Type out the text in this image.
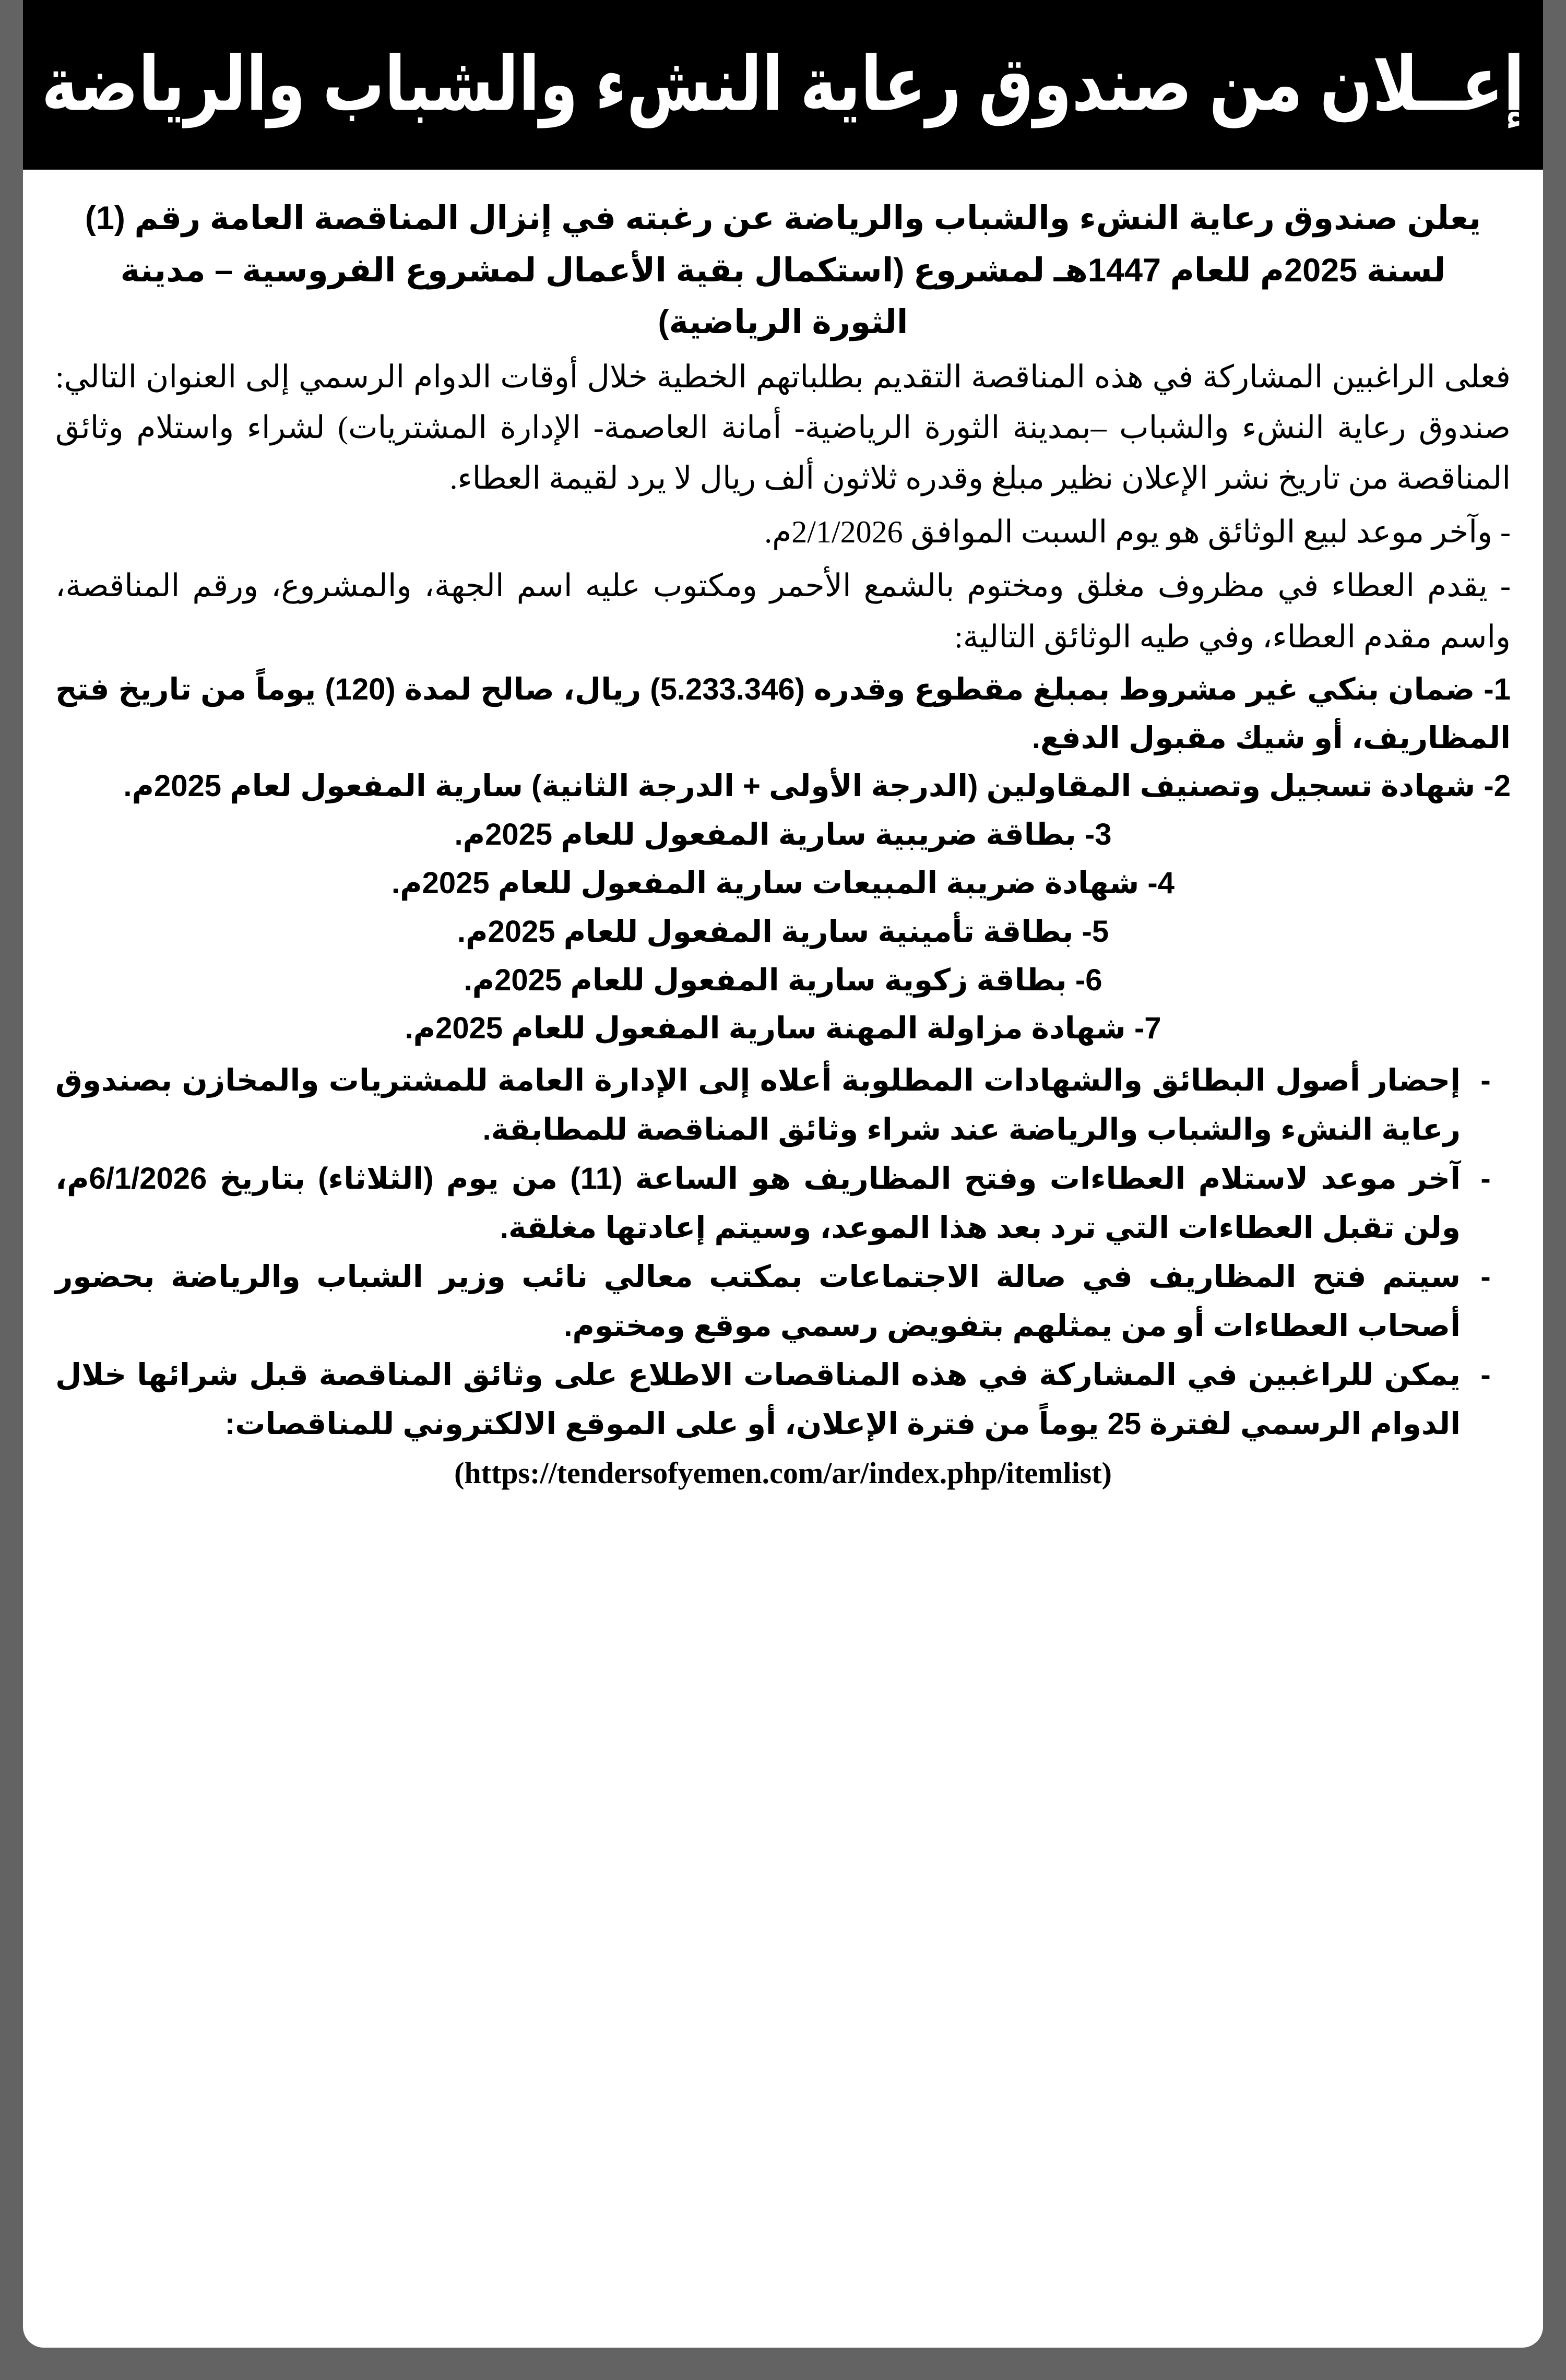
إعــلان من صندوق رعاية النشء والشباب والرياضة

يعلن صندوق رعاية النشء والشباب والرياضة عن رغبته في إنزال المناقصة العامة رقم (1) لسنة 2025م للعام 1447هـ لمشروع (استكمال بقية الأعمال لمشروع الفروسية – مدينة الثورة الرياضية)

فعلى الراغبين المشاركة في هذه المناقصة التقديم بطلباتهم الخطية خلال أوقات الدوام الرسمي إلى العنوان التالي: صندوق رعاية النشء والشباب –بمدينة الثورة الرياضية- أمانة العاصمة- الإدارة المشتريات) لشراء واستلام وثائق المناقصة من تاريخ نشر الإعلان نظير مبلغ وقدره ثلاثون ألف ريال لا يرد لقيمة العطاء.

- وآخر موعد لبيع الوثائق هو يوم السبت الموافق 2/1/2026م.

- يقدم العطاء في مظروف مغلق ومختوم بالشمع الأحمر ومكتوب عليه اسم الجهة، والمشروع، ورقم المناقصة، واسم مقدم العطاء، وفي طيه الوثائق التالية:

1- ضمان بنكي غير مشروط بمبلغ مقطوع وقدره (5.233.346) ريال، صالح لمدة (120) يوماً من تاريخ فتح المظاريف، أو شيك مقبول الدفع.

2- شهادة تسجيل وتصنيف المقاولين (الدرجة الأولى + الدرجة الثانية) سارية المفعول لعام 2025م.

3- بطاقة ضريبية سارية المفعول للعام 2025م.

4- شهادة ضريبة المبيعات سارية المفعول للعام 2025م.

5- بطاقة تأمينية سارية المفعول للعام 2025م.

6- بطاقة زكوية سارية المفعول للعام 2025م.

7- شهادة مزاولة المهنة سارية المفعول للعام 2025م.

-
إحضار أصول البطائق والشهادات المطلوبة أعلاه إلى الإدارة العامة للمشتريات والمخازن بصندوق رعاية النشء والشباب والرياضة عند شراء وثائق المناقصة للمطابقة.
-
آخر موعد لاستلام العطاءات وفتح المظاريف هو الساعة (11) من يوم (الثلاثاء) بتاريخ 6/1/2026م، ولن تقبل العطاءات التي ترد بعد هذا الموعد، وسيتم إعادتها مغلقة.
-
سيتم فتح المظاريف في صالة الاجتماعات بمكتب معالي نائب وزير الشباب والرياضة بحضور أصحاب العطاءات أو من يمثلهم بتفويض رسمي موقع ومختوم.
-
يمكن للراغبين في المشاركة في هذه المناقصات الاطلاع على وثائق المناقصة قبل شرائها خلال الدوام الرسمي لفترة 25 يوماً من فترة الإعلان، أو على الموقع الالكتروني للمناقصات:

(https://tendersofyemen.com/ar/index.php/itemlist)
